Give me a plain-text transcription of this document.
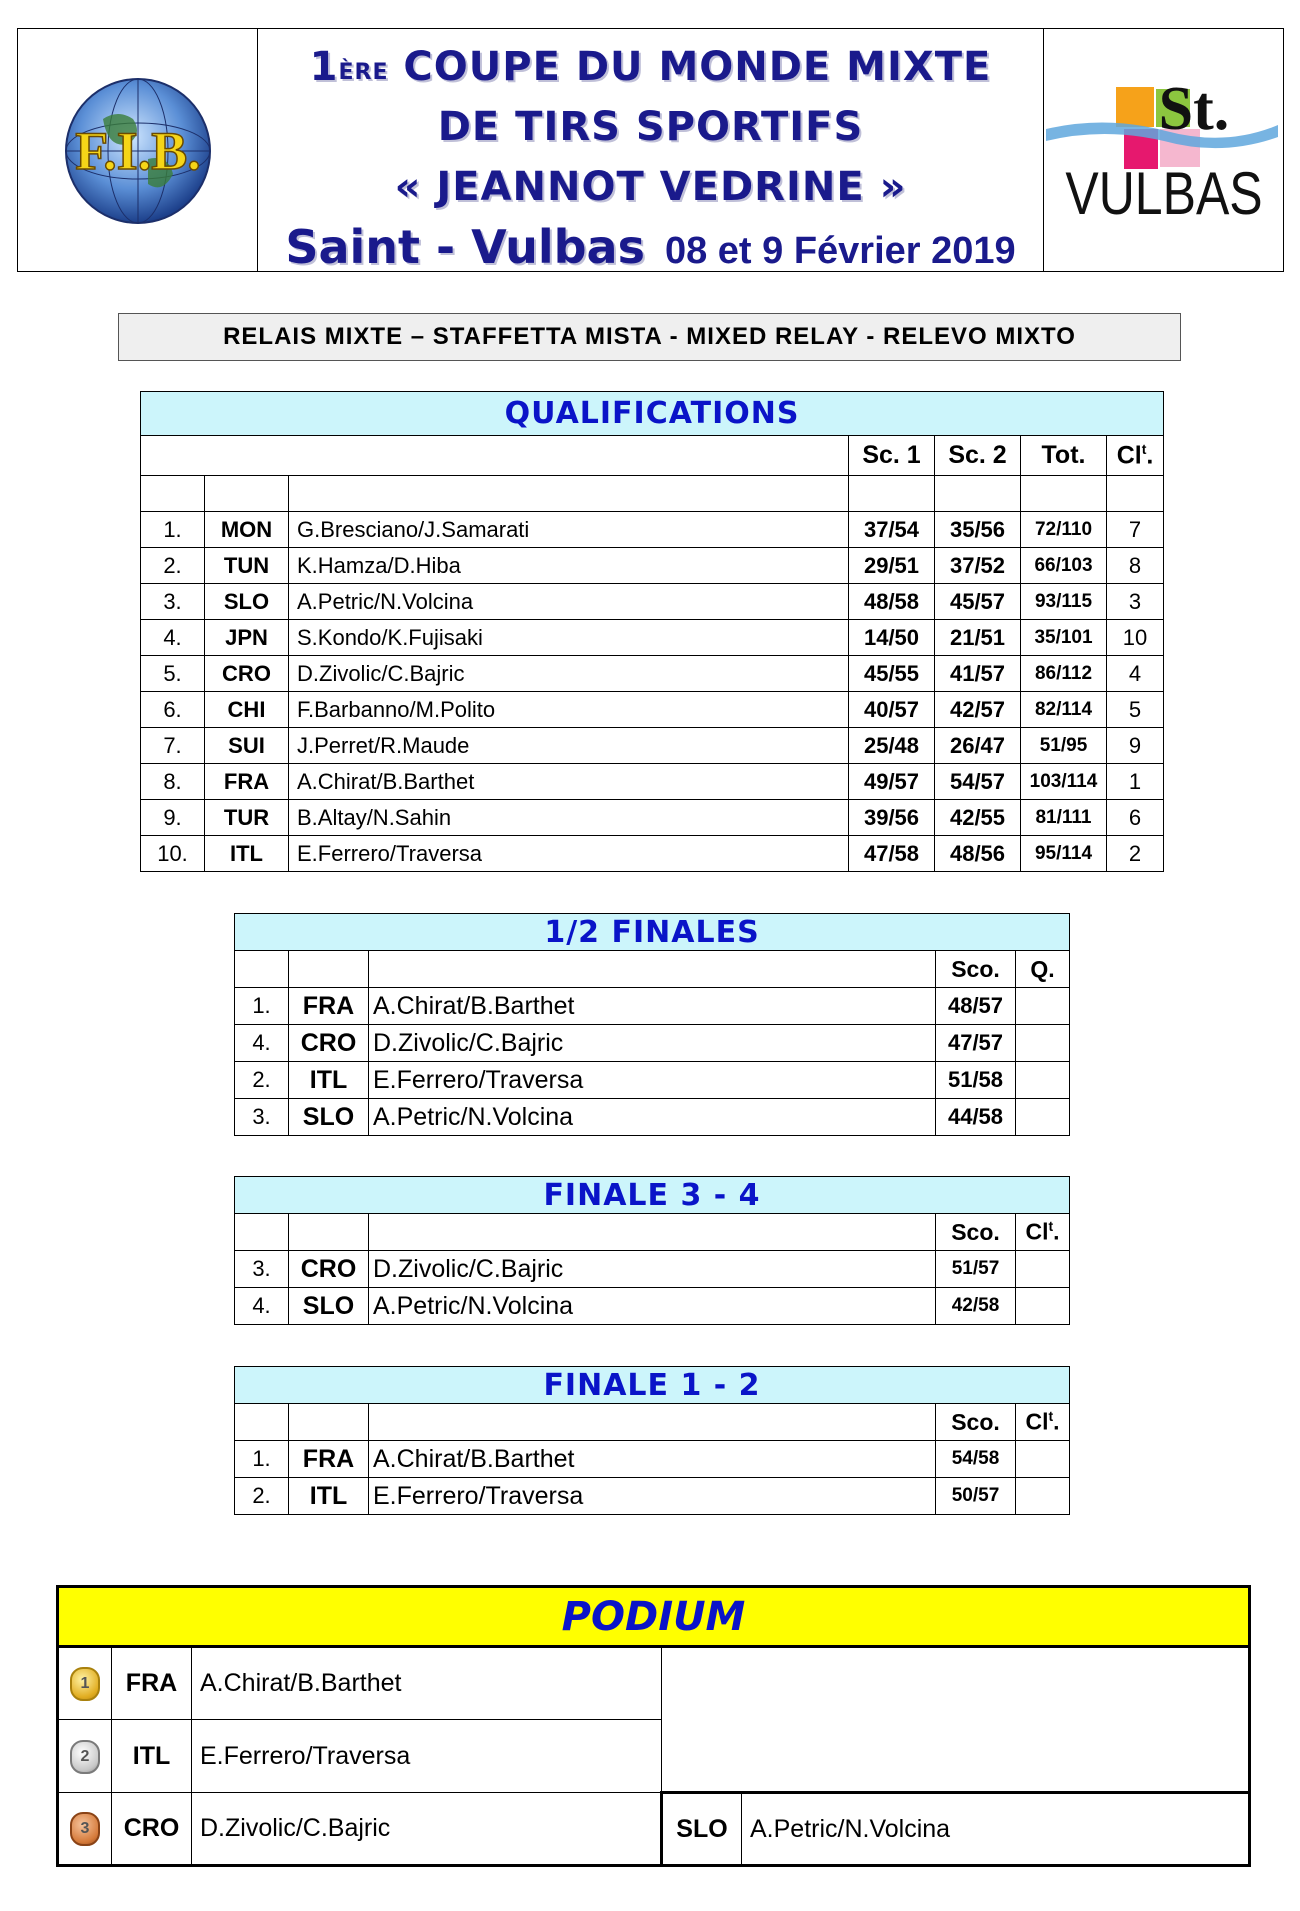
F.I.B.
1ÈRE COUPE DU MONDE MIXTE
DE TIRS SPORTIFS
« JEANNOT VEDRINE »
Saint - Vulbas 08 et 9 Février 2019
St.
VULBAS
RELAIS MIXTE – STAFFETTA MISTA - MIXED RELAY - RELEVO MIXTO
QUALIFICATIONS						
			Sc. 1	Sc. 2	Tot.	Cl$^t$.

1.	MON	G.Bresciano/J.Samarati	37/54	35/56	72/110	7
2.	TUN	K.Hamza/D.Hiba	29/51	37/52	66/103	8
3.	SLO	A.Petric/N.Volcina	48/58	45/57	93/115	3
4.	JPN	S.Kondo/K.Fujisaki	14/50	21/51	35/101	10
5.	CRO	D.Zivolic/C.Bajric	45/55	41/57	86/112	4
6.	CHI	F.Barbanno/M.Polito	40/57	42/57	82/114	5
7.	SUI	J.Perret/R.Maude	25/48	26/47	51/95	9
8.	FRA	A.Chirat/B.Barthet	49/57	54/57	103/114	1
9.	TUR	B.Altay/N.Sahin	39/56	42/55	81/111	6
10.	ITL	E.Ferrero/Traversa	47/58	48/56	95/114	2
1/2 FINALES				
			Sco.	Q.
1.	FRA	A.Chirat/B.Barthet	48/57	
4.	CRO	D.Zivolic/C.Bajric	47/57	
2.	ITL	E.Ferrero/Traversa	51/58	
3.	SLO	A.Petric/N.Volcina	44/58	
FINALE 3 - 4				
			Sco.	Cl$^t$.
3.	CRO	D.Zivolic/C.Bajric	51/57	
4.	SLO	A.Petric/N.Volcina	42/58	
FINALE 1 - 2				
			Sco.	Cl$^t$.
1.	FRA	A.Chirat/B.Barthet	54/58	
2.	ITL	E.Ferrero/Traversa	50/57	
PODIUM				
1	FRA	A.Chirat/B.Barthet		
2	ITL	E.Ferrero/Traversa		
3	CRO	D.Zivolic/C.Bajric	SLO	A.Petric/N.Volcina
